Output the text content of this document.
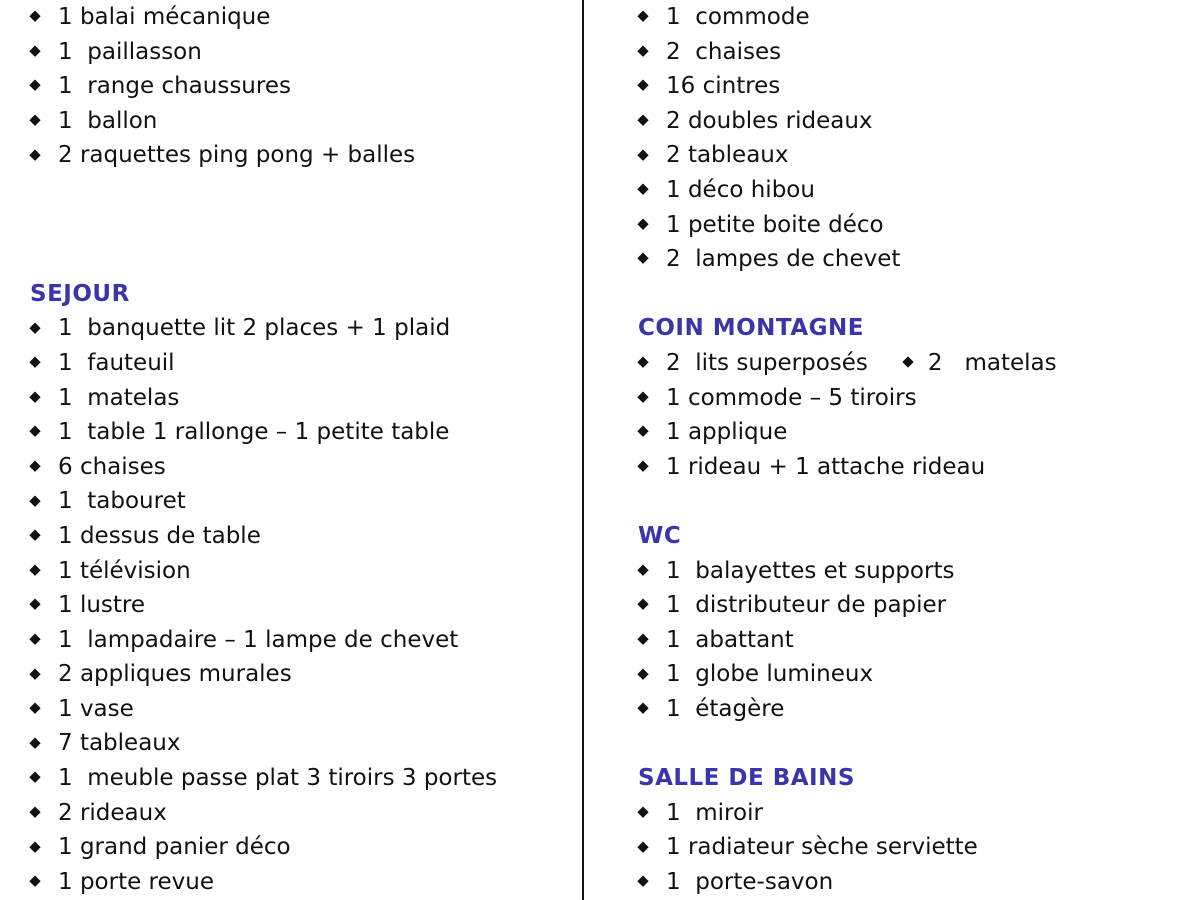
1 balai mécanique
1  paillasson
1  range chaussures
1  ballon
2 raquettes ping pong + balles
SEJOUR
1  banquette lit 2 places + 1 plaid
1  fauteuil
1  matelas
1  table 1 rallonge – 1 petite table
6 chaises
1  tabouret
1 dessus de table
1 télévision
1 lustre
1  lampadaire – 1 lampe de chevet
2 appliques murales
1 vase
7 tableaux
1  meuble passe plat 3 tiroirs 3 portes
2 rideaux
1 grand panier déco
1 porte revue
1  commode
2  chaises
16 cintres
2 doubles rideaux
2 tableaux
1 déco hibou
1 petite boite déco
2  lampes de chevet
COIN MONTAGNE
2  lits superposés	2   matelas
1 commode – 5 tiroirs
1 applique
1 rideau + 1 attache rideau
WC
1  balayettes et supports
1  distributeur de papier
1  abattant
1  globe lumineux
1  étagère
SALLE DE BAINS
1  miroir
1 radiateur sèche serviette
1  porte-savon
